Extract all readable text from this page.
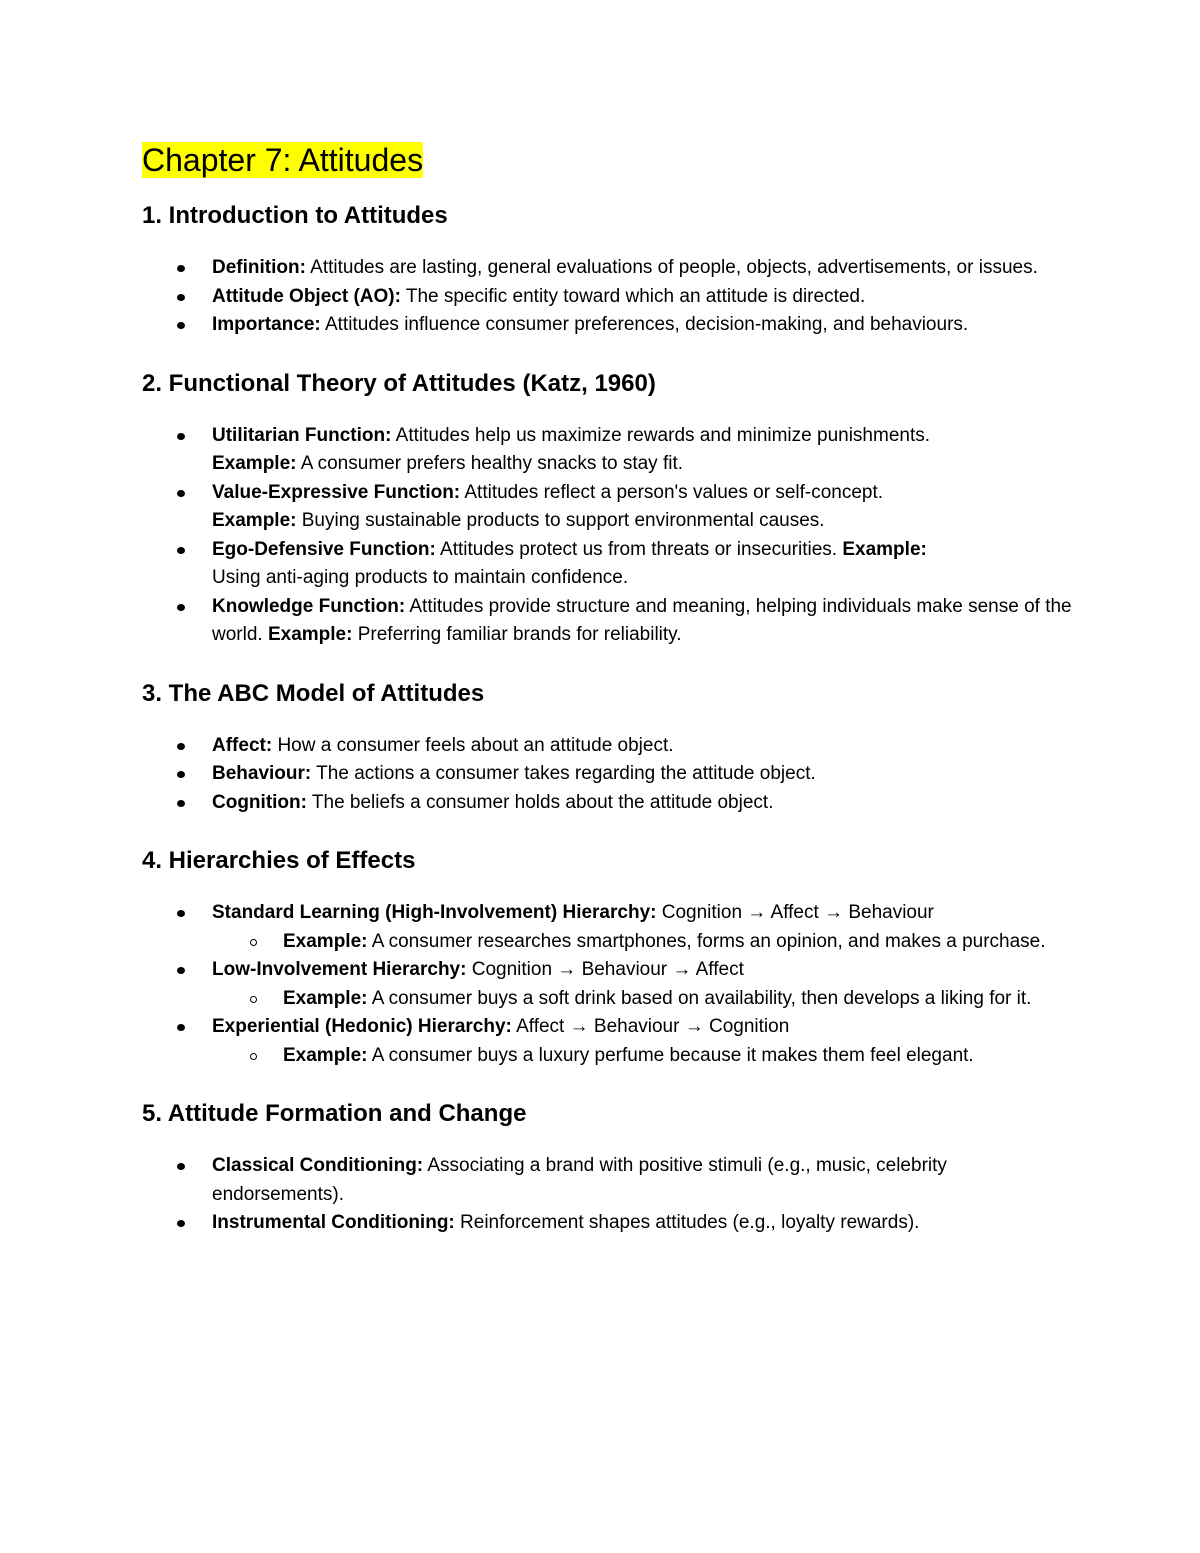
Chapter 7: Attitudes
1. Introduction to Attitudes
Definition: Attitudes are lasting, general evaluations of people, objects, advertisements, or issues.
Attitude Object (AO): The specific entity toward which an attitude is directed.
Importance: Attitudes influence consumer preferences, decision-making, and behaviours.
2. Functional Theory of Attitudes (Katz, 1960)
Utilitarian Function: Attitudes help us maximize rewards and minimize punishments.
Example: A consumer prefers healthy snacks to stay fit.
Value-Expressive Function: Attitudes reflect a person's values or self-concept.
Example: Buying sustainable products to support environmental causes.
Ego-Defensive Function: Attitudes protect us from threats or insecurities. Example:
Using anti-aging products to maintain confidence.
Knowledge Function: Attitudes provide structure and meaning, helping individuals make sense of the world. Example: Preferring familiar brands for reliability.
3. The ABC Model of Attitudes
Affect: How a consumer feels about an attitude object.
Behaviour: The actions a consumer takes regarding the attitude object.
Cognition: The beliefs a consumer holds about the attitude object.
4. Hierarchies of Effects
Standard Learning (High-Involvement) Hierarchy: Cognition → Affect → Behaviour
Example: A consumer researches smartphones, forms an opinion, and makes a purchase.
Low-Involvement Hierarchy: Cognition → Behaviour → Affect
Example: A consumer buys a soft drink based on availability, then develops a liking for it.
Experiential (Hedonic) Hierarchy: Affect → Behaviour → Cognition
Example: A consumer buys a luxury perfume because it makes them feel elegant.
5. Attitude Formation and Change
Classical Conditioning: Associating a brand with positive stimuli (e.g., music, celebrity endorsements).
Instrumental Conditioning: Reinforcement shapes attitudes (e.g., loyalty rewards).
